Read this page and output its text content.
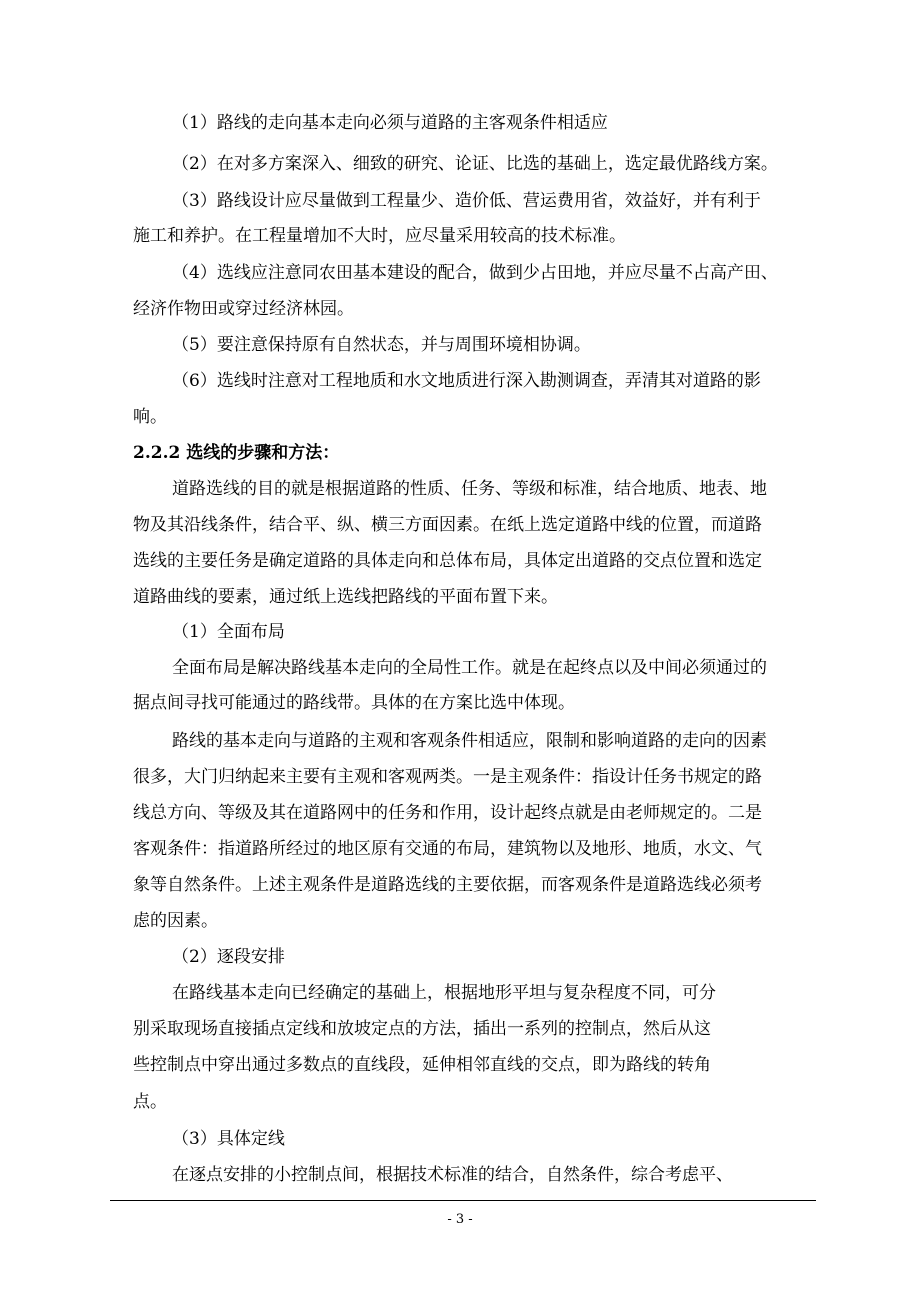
（1）路线的走向基本走向必须与道路的主客观条件相适应
（2）在对多方案深入、细致的研究、论证、比选的基础上，选定最优路线方案。
（3）路线设计应尽量做到工程量少、造价低、营运费用省，效益好，并有利于
施工和养护。在工程量增加不大时，应尽量采用较高的技术标准。
（4）选线应注意同农田基本建设的配合，做到少占田地，并应尽量不占高产田、
经济作物田或穿过经济林园。
（5）要注意保持原有自然状态，并与周围环境相协调。
（6）选线时注意对工程地质和水文地质进行深入勘测调查，弄清其对道路的影
响。
2.2.2 选线的步骤和方法：
道路选线的目的就是根据道路的性质、任务、等级和标准，结合地质、地表、地
物及其沿线条件，结合平、纵、横三方面因素。在纸上选定道路中线的位置，而道路
选线的主要任务是确定道路的具体走向和总体布局，具体定出道路的交点位置和选定
道路曲线的要素，通过纸上选线把路线的平面布置下来。
（1）全面布局
全面布局是解决路线基本走向的全局性工作。就是在起终点以及中间必须通过的
据点间寻找可能通过的路线带。具体的在方案比选中体现。
路线的基本走向与道路的主观和客观条件相适应，限制和影响道路的走向的因素
很多，大门归纳起来主要有主观和客观两类。一是主观条件：指设计任务书规定的路
线总方向、等级及其在道路网中的任务和作用，设计起终点就是由老师规定的。二是
客观条件：指道路所经过的地区原有交通的布局，建筑物以及地形、地质，水文、气
象等自然条件。上述主观条件是道路选线的主要依据，而客观条件是道路选线必须考
虑的因素。
（2）逐段安排
在路线基本走向已经确定的基础上，根据地形平坦与复杂程度不同，可分
别采取现场直接插点定线和放坡定点的方法，插出一系列的控制点，然后从这
些控制点中穿出通过多数点的直线段，延伸相邻直线的交点，即为路线的转角
点。
（3）具体定线
在逐点安排的小控制点间，根据技术标准的结合，自然条件，综合考虑平、
- 3 -
